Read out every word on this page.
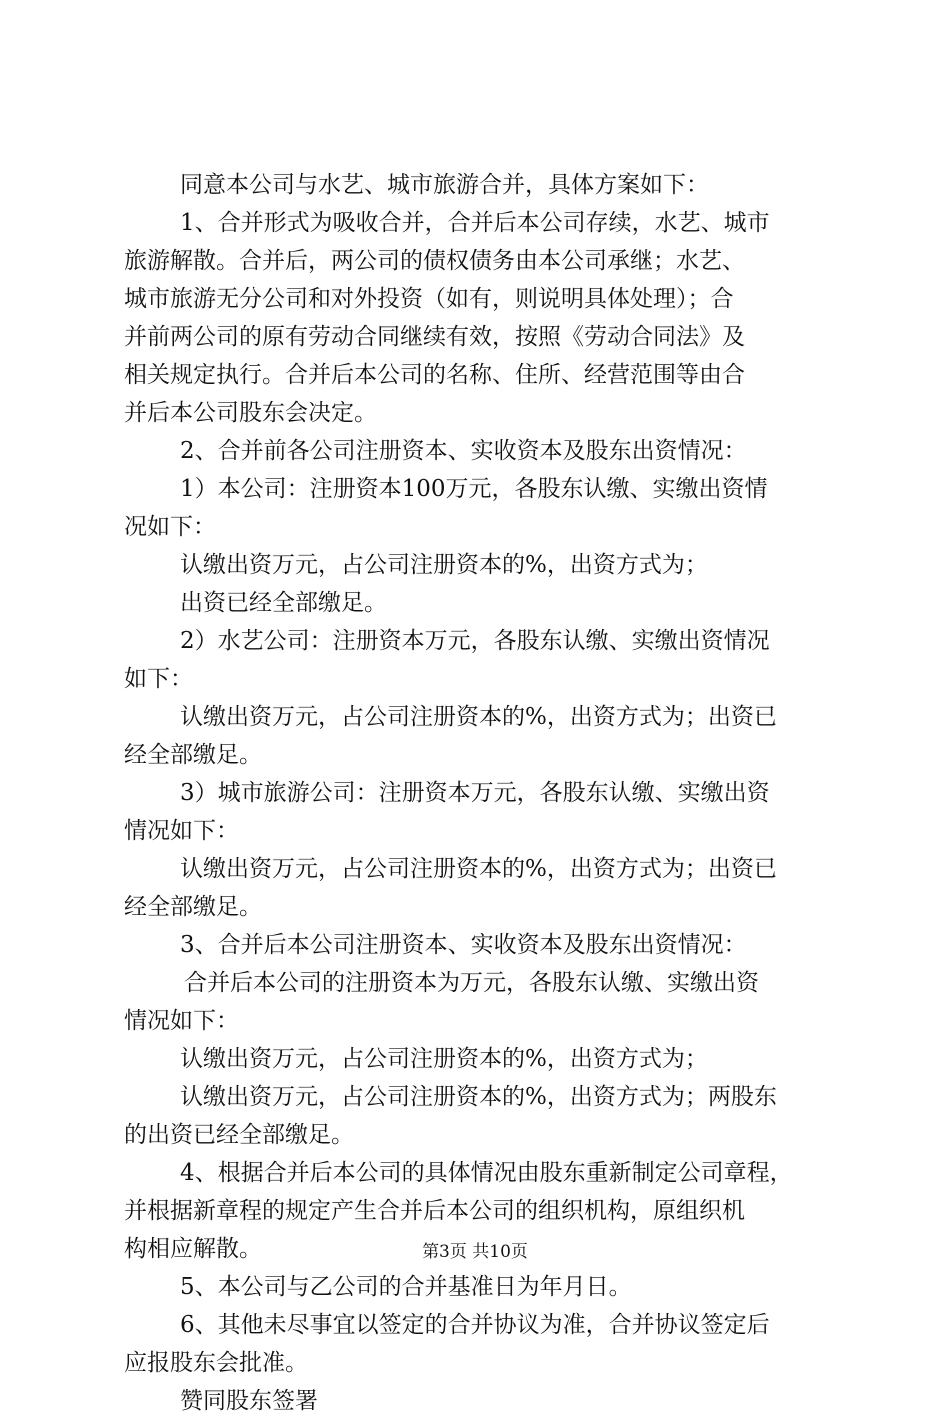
同意本公司与水艺、城市旅游合并，具体方案如下：
1、合并形式为吸收合并，合并后本公司存续，水艺、城市
旅游解散。合并后，两公司的债权债务由本公司承继；水艺、
城市旅游无分公司和对外投资（如有，则说明具体处理）；合
并前两公司的原有劳动合同继续有效，按照《劳动合同法》及
相关规定执行。合并后本公司的名称、住所、经营范围等由合
并后本公司股东会决定。
2、合并前各公司注册资本、实收资本及股东出资情况：
1）本公司：注册资本100万元，各股东认缴、实缴出资情
况如下：
认缴出资万元，占公司注册资本的%，出资方式为；
出资已经全部缴足。
2）水艺公司：注册资本万元，各股东认缴、实缴出资情况
如下：
认缴出资万元，占公司注册资本的%，出资方式为；出资已
经全部缴足。
3）城市旅游公司：注册资本万元，各股东认缴、实缴出资
情况如下：
认缴出资万元，占公司注册资本的%，出资方式为；出资已
经全部缴足。
3、合并后本公司注册资本、实收资本及股东出资情况：
合并后本公司的注册资本为万元，各股东认缴、实缴出资
情况如下：
认缴出资万元，占公司注册资本的%，出资方式为；
认缴出资万元，占公司注册资本的%，出资方式为；两股东
的出资已经全部缴足。
4、根据合并后本公司的具体情况由股东重新制定公司章程，
并根据新章程的规定产生合并后本公司的组织机构，原组织机
构相应解散。
5、本公司与乙公司的合并基准日为年月日。
6、其他未尽事宜以签定的合并协议为准，合并协议签定后
应报股东会批准。
赞同股东签署
第3页 共10页
